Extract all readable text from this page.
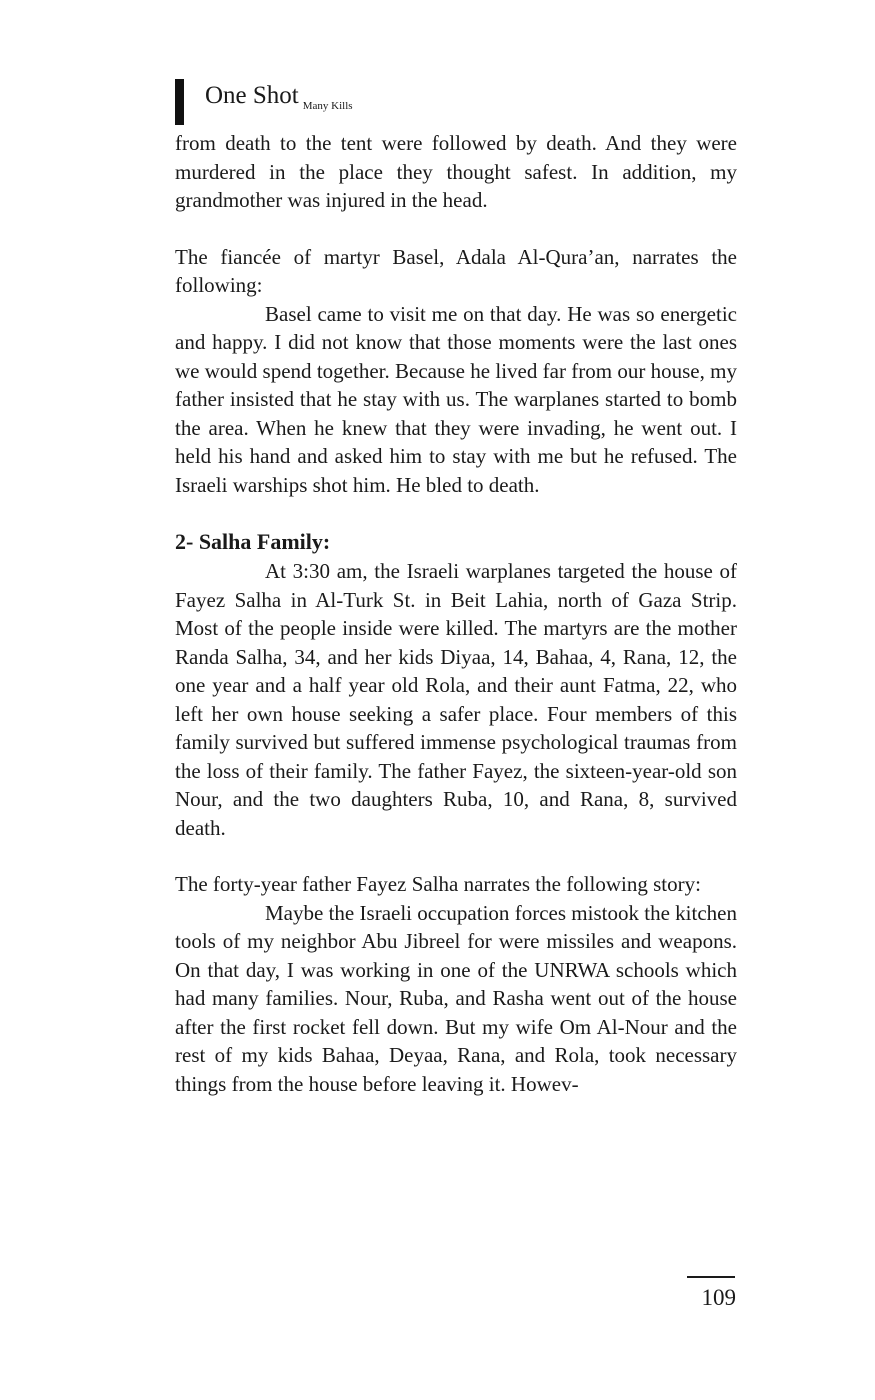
One Shot $_{Many Kills}$

from death to the tent were followed by death. And they were murdered in the place they thought safest. In addition, my grandmother was injured in the head.

The fiancée of martyr Basel, Adala Al-Qura’an, narrates the following:

Basel came to visit me on that day. He was so energetic and happy. I did not know that those moments were the last ones we would spend together. Because he lived far from our house, my father insisted that he stay with us. The warplanes started to bomb the area. When he knew that they were invading, he went out. I held his hand and asked him to stay with me but he refused. The Israeli warships shot him. He bled to death.

2- Salha Family:

At 3:30 am, the Israeli warplanes targeted the house of Fayez Salha in Al-Turk St. in Beit Lahia, north of Gaza Strip. Most of the people inside were killed. The martyrs are the mother Randa Salha, 34, and her kids Diyaa, 14, Bahaa, 4, Rana, 12, the one year and a half year old Rola, and their aunt Fatma, 22, who left her own house seeking a safer place. Four members of this family survived but suffered immense psychological traumas from the loss of their family. The father Fayez, the sixteen-year-old son Nour, and the two daughters Ruba, 10, and Rana, 8, survived death.

The forty-year father Fayez Salha narrates the following story:

Maybe the Israeli occupation forces mistook the kitchen tools of my neighbor Abu Jibreel for were missiles and weapons. On that day, I was working in one of the UNRWA schools which had many families. Nour, Ruba, and Rasha went out of the house after the first rocket fell down. But my wife Om Al-Nour and the rest of my kids Bahaa, Deyaa, Rana, and Rola, took necessary things from the house before leaving it. Howev-

109
